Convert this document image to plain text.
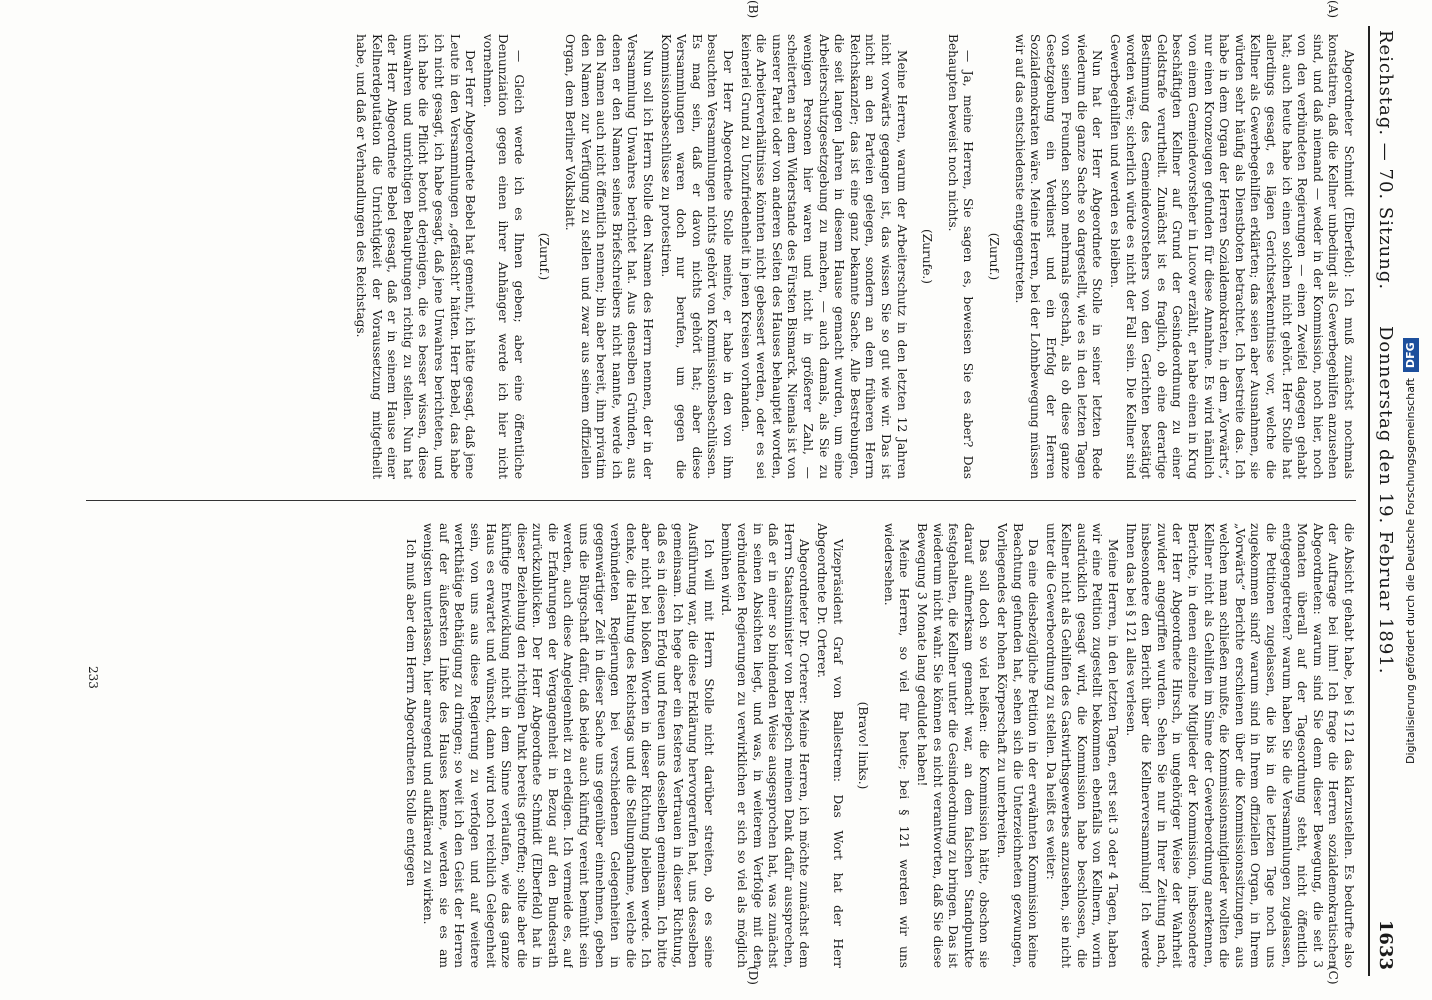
Reichstag. — 70. Sitzung.
Donnerstag den 19. Februar 1891.
1633
(A)
(B)
(C)
(D)

Abgeordneter Schmidt (Elberfeld): Ich muß zunächst nochmals konstatiren, daß die Kellner unbedingt als Gewerbegehilfen anzusehen sind, und daß niemand — weder in der Kommission, noch hier, noch von den verbündeten Regierungen — einen Zweifel dagegen gehabt hat; auch heute habe ich einen solchen nicht gehört. Herr Stolle hat allerdings gesagt, es lägen Gerichtserkenntnisse vor, welche die Kellner als Gewerbegehilfen erklärten; das seien aber Ausnahmen, sie würden sehr häufig als Dienstboten betrachtet. Ich bestreite das. Ich habe in dem Organ der Herren Sozialdemokraten, in dem „Vorwärts“, nur einen Kronzeugen gefunden für diese Annahme. Es wird nämlich von einem Gemeindevorsteher in Lucow erzählt, er habe einen in Krug beschäftigten Kellner auf Grund der Gesindeordnung zu einer Geldstrafe verurtheilt. Zunächst ist es fraglich, ob eine derartige Bestimmung des Gemeindevorstehers von den Gerichten bestätigt worden wäre; sicherlich würde es nicht der Fall sein. Die Kellner sind Gewerbegehilfen und werden es bleiben.

Nun hat der Herr Abgeordnete Stolle in seiner letzten Rede wiederum die ganze Sache so dargestellt, wie es in den letzten Tagen von seinen Freunden schon mehrmals geschah, als ob diese ganze Gesetzgebung ein Verdienst und ein Erfolg der Herren Sozialdemokraten wäre. Meine Herren, bei der Lohnbewegung müssen wir auf das entschiedenste entgegentreten.

(Zuruf.)

— Ja, meine Herren, Sie sagen es, beweisen Sie es aber? Das Behaupten beweist noch nichts.

(Zurufe.)

Meine Herren, warum der Arbeiterschutz in den letzten 12 Jahren nicht vorwärts gegangen ist, das wissen Sie so gut wie wir. Das ist nicht an den Parteien gelegen, sondern an dem früheren Herrn Reichskanzler; das ist eine ganz bekannte Sache. Alle Bestrebungen, die seit langen Jahren in diesem Hause gemacht wurden, um eine Arbeiterschutzgesetzgebung zu machen, — auch damals, als Sie zu wenigen Personen hier waren und nicht in größerer Zahl, — scheiterten an dem Widerstande des Fürsten Bismarck. Niemals ist von unserer Partei oder von anderen Seiten des Hauses behauptet worden, die Arbeiterverhältnisse könnten nicht gebessert werden, oder es sei keinerlei Grund zu Unzufriedenheit in jenen Kreisen vorhanden.

Der Herr Abgeordnete Stolle meinte, er habe in den von ihm besuchten Versammlungen nichts gehört von Kommissionsbeschlüssen. Es mag sein, daß er davon nichts gehört hat; aber diese Versammlungen waren doch nur berufen, um gegen die Kommissionsbeschlüsse zu protestiren.

Nun soll ich Herrn Stolle den Namen des Herrn nennen, der in der Versammlung Unwahres berichtet hat. Aus denselben Gründen, aus denen er den Namen seines Briefschreibers nicht nannte, werde ich den Namen auch nicht öffentlich nennen; bin aber bereit, ihm privatim den Namen zur Verfügung zu stellen und zwar aus seinem offiziellen Organ, dem Berliner Volksblatt.

(Zuruf.)

— Gleich werde ich es Ihnen geben; aber eine öffentliche Denunziation gegen einen ihrer Anhänger werde ich hier nicht vornehmen.

Der Herr Abgeordnete Bebel hat gemeint, ich hätte gesagt, daß jene Leute in den Versammlungen „gefälscht“ hätten. Herr Bebel, das habe ich nicht gesagt, ich habe gesagt, daß jene Unwahres berichteten, und ich habe die Pflicht betont derjenigen, die es besser wissen, diese unwahren und unrichtigen Behauptungen richtig zu stellen. Nun hat der Herr Abgeordnete Bebel gesagt, daß er in seinem Hause einer Kellnerdeputation die Unrichtigkeit der Voraussetzung mitgetheilt habe, und daß er Verhandlungen des Reichstags.

die Absicht gehabt habe, bei § 121 das klarzustellen. Es bedurfte also der Auftrage bei ihm! Ich frage die Herren sozialdemokratischen Abgeordneten: warum sind Sie denn dieser Bewegung, die seit 3 Monaten überall auf der Tagesordnung steht, nicht öffentlich entgegengetreten? warum haben Sie die Versammlungen zugelassen, die Petitionen zugelassen, die bis in die letzten Tage noch uns zugekommen sind? warum sind in Ihrem offiziellen Organ, in Ihrem „Vorwärts“ Berichte erschienen über die Kommissionssitzungen, aus welchen man schließen mußte, die Kommissionsmitglieder wollten die Kellner nicht als Gehilfen im Sinne der Gewerbeordnung anerkennen, Berichte, in denen einzelne Mitglieder der Kommission, insbesondere der Herr Abgeordnete Hirsch, in ungehöriger Weise der Wahrheit zuwider angegriffen wurden. Sehen Sie nur in Ihrer Zeitung nach, insbesondere den Bericht über die Kellnerversammlung! Ich werde Ihnen das bei § 121 alles verlesen.

Meine Herren, in den letzten Tagen, erst seit 3 oder 4 Tagen, haben wir eine Petition zugestellt bekommen ebenfalls von Kellnern, worin ausdrücklich gesagt wird, die Kommission habe beschlossen, die Kellner nicht als Gehilfen des Gastwirthsgewerbes anzusehen, sie nicht unter die Gewerbeordnung zu stellen. Da heißt es weiter:

Da eine diesbezügliche Petition in der erwähnten Kommission keine Beachtung gefunden hat, sehen sich die Unterzeichneten gezwungen, Vorliegendes der hohen Körperschaft zu unterbreiten.

Das soll doch so viel heißen: die Kommission hätte, obschon sie darauf aufmerksam gemacht war, an dem falschen Standpunkte festgehalten, die Kellner unter die Gesindeordnung zu bringen. Das ist wiederum nicht wahr. Sie können es nicht verantworten, daß Sie diese Bewegung 3 Monate lang geduldet haben!

Meine Herren, so viel für heute; bei § 121 werden wir uns wiedersehen.

(Bravo! links.)

Vizepräsident Graf von Ballestrem: Das Wort hat der Herr Abgeordnete Dr. Orterer.

Abgeordneter Dr. Orterer: Meine Herren, ich möchte zunächst dem Herrn Staatsminister von Berlepsch meinen Dank dafür aussprechen, daß er in einer so bindenden Weise ausgesprochen hat, was zunächst in seinen Absichten liegt, und was, in weiterem Verfolge mit den verbündeten Regierungen zu verwirklichen er sich so viel als möglich bemühen wird.

Ich will mit Herrn Stolle nicht darüber streiten, ob es seine Ausführung war, die diese Erklärung hervorgerufen hat, uns desselben gemeinsam. Ich hege aber ein festeres Vertrauen in dieser Richtung, daß es in diesen Erfolg und freuen uns desselben gemeinsam. Ich bitte aber nicht bei bloßen Worten in dieser Richtung bleiben werde. Ich denke, die Haltung des Reichstags und die Stellungnahme, welche die verbündeten Regierungen bei verschiedenen Gelegenheiten in gegenwärtiger Zeit in dieser Sache uns gegenüber einnehmen, geben uns die Bürgschaft dafür, daß beide auch künftig vereint bemüht sein werden, auch diese Angelegenheit zu erledigen. Ich vermeide es, auf die Erfahrungen der Vergangenheit in Bezug auf den Bundesrath zurückzublicken. Der Herr Abgeordnete Schmidt (Elberfeld) hat in dieser Beziehung den richtigen Punkt bereits getroffen; sollte aber die künftige Entwicklung nicht in dem Sinne verlaufen, wie das ganze Haus es erwartet und wünscht, dann wird noch reichlich Gelegenheit sein, von uns aus diese Regierung zu verfolgen und auf weitere werkthätige Bethätigung zu dringen; so weit ich den Geist der Herren auf der äußersten Linke des Hauses kenne, werden sie es am wenigsten unterlassen, hier anregend und aufklärend zu wirken.

Ich muß aber dem Herrn Abgeordneten Stolle entgegen

233	Digitalisierung gefördert durch die Deutsche ForschungsgemeinschaftDFG
